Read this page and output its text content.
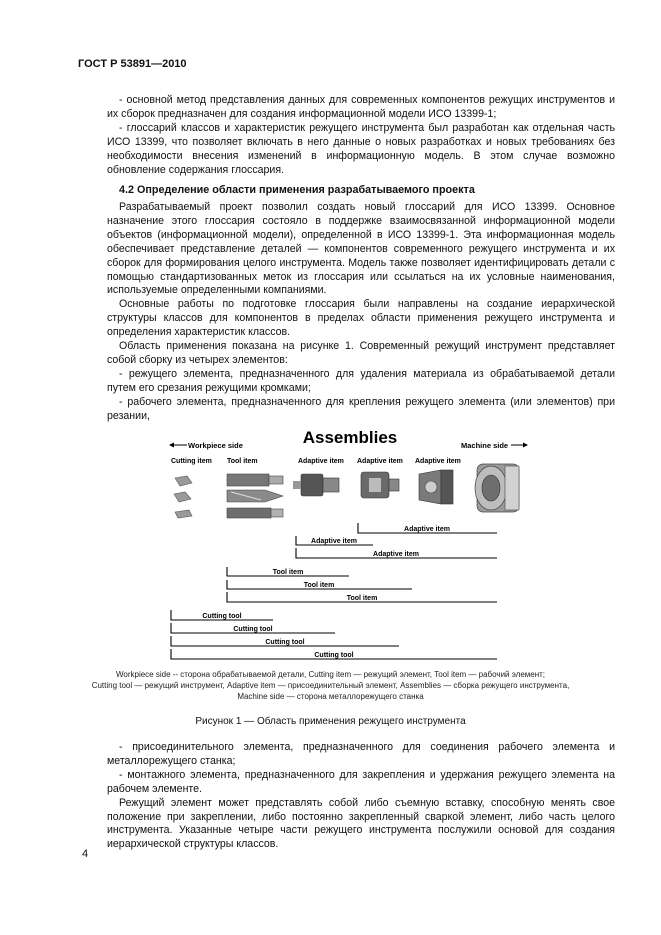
ГОСТ Р 53891—2010

- основной метод представления данных для современных компонентов режущих инструментов и их сборок предназначен для создания информационной модели ИСО 13399-1;

- глоссарий классов и характеристик режущего инструмента был разработан как отдельная часть ИСО 13399, что позволяет включать в него данные о новых разработках и новых требованиях без необходимости внесения изменений в информационную модель. В этом случае возможно обновление содержания глоссария.

4.2 Определение области применения разрабатываемого проекта

Разрабатываемый проект позволил создать новый глоссарий для ИСО 13399. Основное назначение этого глоссария состояло в поддержке взаимосвязанной информационной модели объектов (информационной модели), определенной в ИСО 13399-1. Эта информационная модель обеспечивает представление деталей — компонентов современного режущего инструмента и их сборок для формирования целого инструмента. Модель также позволяет идентифицировать детали с помощью стандартизованных меток из глоссария или ссылаться на их условные наименования, используемые определенными компаниями.

Основные работы по подготовке глоссария были направлены на создание иерархической структуры классов для компонентов в пределах области применения режущего инструмента и определения характеристик классов.

Область применения показана на рисунке 1. Современный режущий инструмент представляет собой сборку из четырех элементов:

- режущего элемента, предназначенного для удаления материала из обрабатываемой детали путем его срезания режущими кромками;

- рабочего элемента, предназначенного для крепления режущего элемента (или элементов) при резании,

Assemblies
Workpiece side	Machine side
Cutting item Tool item	Adaptive item Adaptive item Adaptive item
Adaptive item
Adaptive item
Adaptive item
Tool item
Tool item
Tool item
Cutting tool
Cutting tool
Cutting tool
Cutting tool
Workpiece side -- сторона обрабатываемой детали, Cutting item — режущий элемент, Tool item — рабочий элемент;
Cutting tool — режущий инструмент, Adaptive item — присоединительный элемент, Assemblies — сборка режущего инструмента,
Machine side — сторона металлорежущего станка
Рисунок 1 — Область применения режущего инструмента

- присоединительного элемента, предназначенного для соединения рабочего элемента и металлорежущего станка;

- монтажного элемента, предназначенного для закрепления и удержания режущего элемента на рабочем элементе.

Режущий элемент может представлять собой либо съемную вставку, способную менять свое положение при закреплении, либо постоянно закрепленный сваркой элемент, либо часть целого инструмента. Указанные четыре части режущего инструмента послужили основой для создания иерархической структуры классов.

4
